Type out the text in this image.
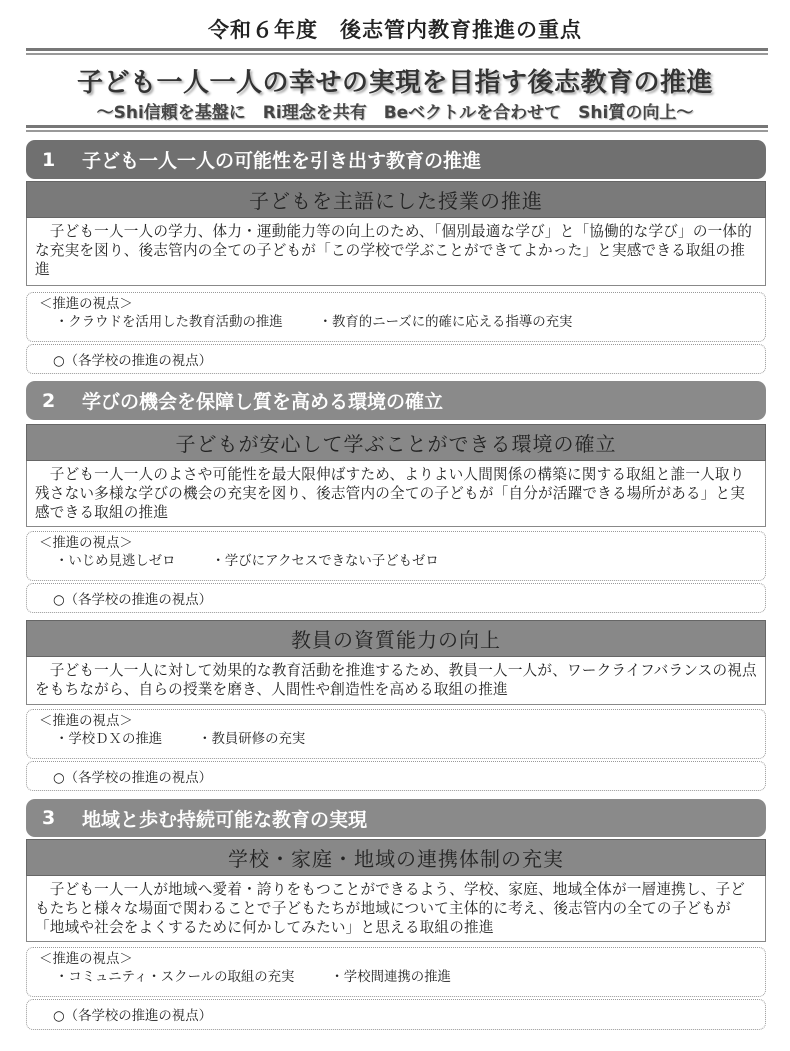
令和６年度　後志管内教育推進の重点
子ども一人一人の幸せの実現を目指す後志教育の推進
～Shi信頼を基盤に　Ri理念を共有　Beベクトルを合わせて　Shi質の向上～
1	子ども一人一人の可能性を引き出す教育の推進
子どもを主語にした授業の推進
　子ども一人一人の学力、体力・運動能力等の向上のため、「個別最適な学び」と「協働的な学び」の一体的な充実を図り、後志管内の全ての子どもが「この学校で学ぶことができてよかった」と実感できる取組の推進
＜推進の視点＞
・クラウドを活用した教育活動の推進	・教育的ニーズに的確に応える指導の充実
○（各学校の推進の視点）
2	学びの機会を保障し質を高める環境の確立
子どもが安心して学ぶことができる環境の確立
　子ども一人一人のよさや可能性を最大限伸ばすため、よりよい人間関係の構築に関する取組と誰一人取り残さない多様な学びの機会の充実を図り、後志管内の全ての子どもが「自分が活躍できる場所がある」と実感できる取組の推進
＜推進の視点＞
・いじめ見逃しゼロ	・学びにアクセスできない子どもゼロ
○（各学校の推進の視点）
教員の資質能力の向上
　子ども一人一人に対して効果的な教育活動を推進するため、教員一人一人が、ワークライフバランスの視点をもちながら、自らの授業を磨き、人間性や創造性を高める取組の推進
＜推進の視点＞
・学校ＤＸの推進	・教員研修の充実
○（各学校の推進の視点）
3	地域と歩む持続可能な教育の実現
学校・家庭・地域の連携体制の充実
　子ども一人一人が地域へ愛着・誇りをもつことができるよう、学校、家庭、地域全体が一層連携し、子どもたちと様々な場面で関わることで子どもたちが地域について主体的に考え、後志管内の全ての子どもが「地域や社会をよくするために何かしてみたい」と思える取組の推進
＜推進の視点＞
・コミュニティ・スクールの取組の充実	・学校間連携の推進
○（各学校の推進の視点）
